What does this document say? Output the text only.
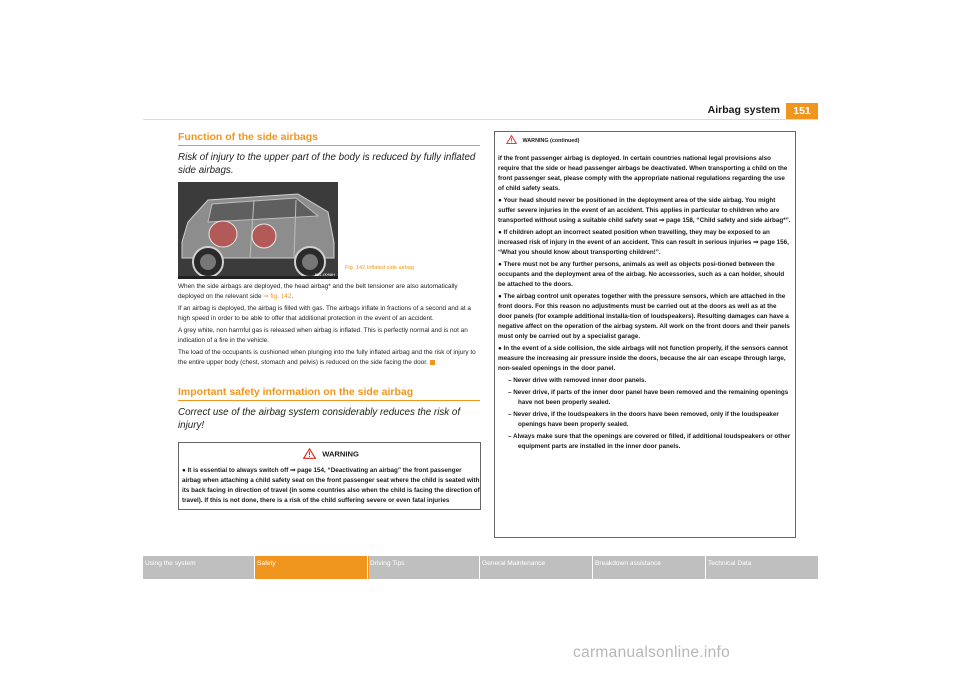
Airbag system	151
Function of the side airbags

Risk of injury to the upper part of the body is reduced by fully inflated side airbags.

B5L-0098H
Fig. 142 Inflated side airbag

When the side airbags are deployed, the head airbag* and the belt tensioner are also automatically deployed on the relevant side ⇒ fig. 142.

If an airbag is deployed, the airbag is filled with gas. The airbags inflate in fractions of a second and at a high speed in order to be able to offer that additional protection in the event of an accident.

A grey white, non harmful gas is released when airbag is inflated. This is perfectly normal and is not an indication of a fire in the vehicle.

The load of the occupants is cushioned when plunging into the fully inflated airbag and the risk of injury to the entire upper body (chest, stomach and pelvis) is reduced on the side facing the door.

Important safety information on the side airbag

Correct use of the airbag system considerably reduces the risk of injury!

WARNING
● It is essential to always switch off ⇒ page 154, “Deactivating an airbag” the front passenger airbag when attaching a child safety seat on the front passenger seat where the child is seated with its back facing in direction of travel (in some countries also when the child is facing the direction of travel). If this is not done, there is a risk of the child suffering severe or even fatal injuries
WARNING (continued)

if the front passenger airbag is deployed. In certain countries national legal provisions also require that the side or head passenger airbags be deactivated. When transporting a child on the front passenger seat, please comply with the appropriate national regulations regarding the use of child safety seats.

● Your head should never be positioned in the deployment area of the side airbag. You might suffer severe injuries in the event of an accident. This applies in particular to children who are transported without using a suitable child safety seat ⇒ page 158, “Child safety and side airbag*”.

● If children adopt an incorrect seated position when travelling, they may be exposed to an increased risk of injury in the event of an accident. This can result in serious injuries ⇒ page 156, “What you should know about transporting children!”.

● There must not be any further persons, animals as well as objects posi-tioned between the occupants and the deployment area of the airbag. No accessories, such as a can holder, should be attached to the doors.

● The airbag control unit operates together with the pressure sensors, which are attached in the front doors. For this reason no adjustments must be carried out at the doors as well as at the door panels (for example additional installa-tion of loudspeakers). Resulting damages can have a negative affect on the operation of the airbag system. All work on the front doors and their panels must only be carried out by a specialist garage.

● In the event of a side collision, the side airbags will not function properly, if the sensors cannot measure the increasing air pressure inside the doors, because the air can escape through large, non-sealed openings in the door panel.

– Never drive with removed inner door panels.

– Never drive, if parts of the inner door panel have been removed and the remaining openings have not been properly sealed.

– Never drive, if the loudspeakers in the doors have been removed, only if the loudspeaker openings have been properly sealed.

– Always make sure that the openings are covered or filled, if additional loudspeakers or other equipment parts are installed in the inner door panels.

Using the system	Safety	Driving Tips	General Maintenance	Breakdown assistance	Technical Data
carmanualsonline.info
